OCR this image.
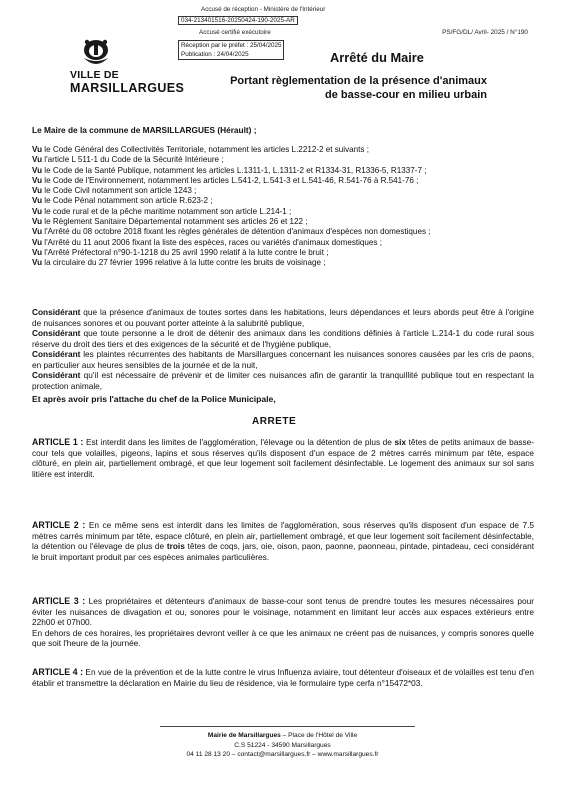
Accusé de réception - Ministère de l'Intérieur
034-213401516-20250424-190-2025-AR
Accusé certifié exécutoire
Réception par le préfet : 25/04/2025
Publication : 24/04/2025
PS/FG/DL/ Avril- 2025 / N°190
VILLE DE
MARSILLARGUES
Arrêté du Maire
Portant règlementation de la présence d'animaux
de basse-cour en milieu urbain
Le Maire de la commune de MARSILLARGUES (Hérault) ;
Vu le Code Général des Collectivités Territoriale, notamment les articles L.2212-2 et suivants ;
Vu l'article L 511-1 du Code de la Sécurité Intérieure ;
Vu le Code de la Santé Publique, notamment les articles L.1311-1, L.1311-2 et R1334-31, R1336-5, R1337-7 ;
Vu le Code de l'Environnement, notamment les articles L.541-2, L.541-3 et L.541-46, R.541-76 à R.541-76 ;
Vu le Code Civil notamment son article 1243 ;
Vu le Code Pénal notamment son article R.623-2 ;
Vu le code rural et de la pêche maritime notamment son article L.214-1 ;
Vu le Règlement Sanitaire Départemental notamment ses articles 26 et 122 ;
Vu l'Arrêté du 08 octobre 2018 fixant les règles générales de détention d'animaux d'espèces non domestiques ;
Vu l'Arrêté du 11 aout 2006 fixant la liste des espèces, races ou variétés d'animaux domestiques ;
Vu l'Arrêté Préfectoral n°90-1-1218 du 25 avril 1990 relatif à la lutte contre le bruit ;
Vu la circulaire du 27 février 1996 relative à la lutte contre les bruits de voisinage ;
Considérant que la présence d'animaux de toutes sortes dans les habitations, leurs dépendances et leurs abords peut être à l'origine de nuisances sonores et ou pouvant porter atteinte à la salubrité publique,
Considérant que toute personne a le droit de détenir des animaux dans les conditions définies à l'article L.214-1 du code rural sous réserve du droit des tiers et des exigences de la sécurité et de l'hygiène publique,
Considérant les plaintes récurrentes des habitants de Marsillargues concernant les nuisances sonores causées par les cris de paons, en particulier aux heures sensibles de la journée et de la nuit,
Considérant qu'il est nécessaire de prévenir et de limiter ces nuisances afin de garantir la tranquillité publique tout en respectant la protection animale,
Et après avoir pris l'attache du chef de la Police Municipale,
ARRETE
ARTICLE 1 : Est interdit dans les limites de l'agglomération, l'élevage ou la détention de plus de six têtes de petits animaux de basse-cour tels que volailles, pigeons, lapins et sous réserves qu'ils disposent d'un espace de 2 mètres carrés minimum par tête, espace clôturé, en plein air, partiellement ombragé, et que leur logement soit facilement désinfectable. Le logement des animaux sur sol sans litière est interdit.
ARTICLE 2 : En ce même sens est interdit dans les limites de l'agglomération, sous réserves qu'ils disposent d'un espace de 7.5 mètres carrés minimum par tête, espace clôturé, en plein air, partiellement ombragé, et que leur logement soit facilement désinfectable, la détention ou l'élevage de plus de trois têtes de coqs, jars, oie, oison, paon, paonne, paonneau, pintade, pintadeau, ceci considérant le bruit important produit par ces espèces animales particulières.
ARTICLE 3 : Les propriétaires et détenteurs d'animaux de basse-cour sont tenus de prendre toutes les mesures nécessaires pour éviter les nuisances de divagation et ou, sonores pour le voisinage, notamment en limitant leur accès aux espaces extérieurs entre 22h00 et 07h00.
En dehors de ces horaires, les propriétaires devront veiller à ce que les animaux ne créent pas de nuisances, y compris sonores quelle que soit l'heure de la journée.
ARTICLE 4 : En vue de la prévention et de la lutte contre le virus Influenza aviaire, tout détenteur d'oiseaux et de volailles est tenu d'en établir et transmettre la déclaration en Mairie du lieu de résidence, via le formulaire type cerfa n°15472*03.
Mairie de Marsillargues – Place de l'Hôtel de Ville
C.S 51224 - 34590 Marsillargues
04 11 28 13 20 – contact@marsillargues.fr – www.marsillargues.fr
